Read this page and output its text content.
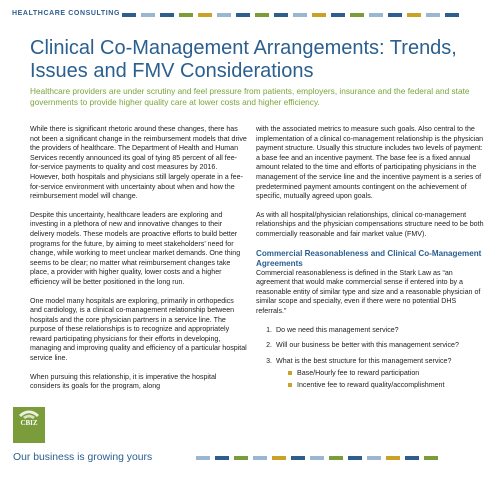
HEALTHCARE CONSULTING
Clinical Co-Management Arrangements: Trends, Issues and FMV Considerations

Healthcare providers are under scrutiny and feel pressure from patients, employers, insurance and the federal and state governments to provide higher quality care at lower costs and higher efficiency.

While there is significant rhetoric around these changes, there has not been a significant change in the reimbursement models that drive the providers of healthcare. The Department of Health and Human Services recently announced its goal of tying 85 percent of all fee-for-service payments to quality and cost measures by 2016. However, both hospitals and physicians still largely operate in a fee-for-service environment with uncertainty about when and how the reimbursement model will change.

Despite this uncertainty, healthcare leaders are exploring and investing in a plethora of new and innovative changes to their delivery models. These models are proactive efforts to build better programs for the future, by aiming to meet stakeholders’ need for change, while working to meet unclear market demands. One thing seems to be clear; no matter what reimbursement changes take place, a provider with higher quality, lower costs and a higher efficiency will be better positioned in the long run.

One model many hospitals are exploring, primarily in orthopedics and cardiology, is a clinical co-management relationship between hospitals and the core physician partners in a service line. The purpose of these relationships is to recognize and appropriately reward participating physicians for their efforts in developing, managing and improving quality and efficiency of a particular hospital service line.

When pursuing this relationship, it is imperative the hospital considers its goals for the program, along

with the associated metrics to measure such goals. Also central to the implementation of a clinical co-management relationship is the physician payment structure. Usually this structure includes two levels of payment: a base fee and an incentive payment. The base fee is a fixed annual amount related to the time and efforts of participating physicians in the management of the service line and the incentive payment is a series of predetermined payment amounts contingent on the achievement of specific, mutually agreed upon goals.

As with all hospital/physician relationships, clinical co-management relationships and the physician compensations structure need to be both commercially reasonable and fair market value (FMV).

Commercial Reasonableness and Clinical Co-Management Agreements

Commercial reasonableness is defined in the Stark Law as “an agreement that would make commercial sense if entered into by a reasonable entity of similar type and size and a reasonable physician of similar scope and specialty, even if there were no potential DHS referrals.”

1. Do we need this management service?
2. Will our business be better with this management service?
3. What is the best structure for this management service?
Base/Hourly fee to reward participation
Incentive fee to reward quality/accomplishment
CBIZ
Our business is growing yours
